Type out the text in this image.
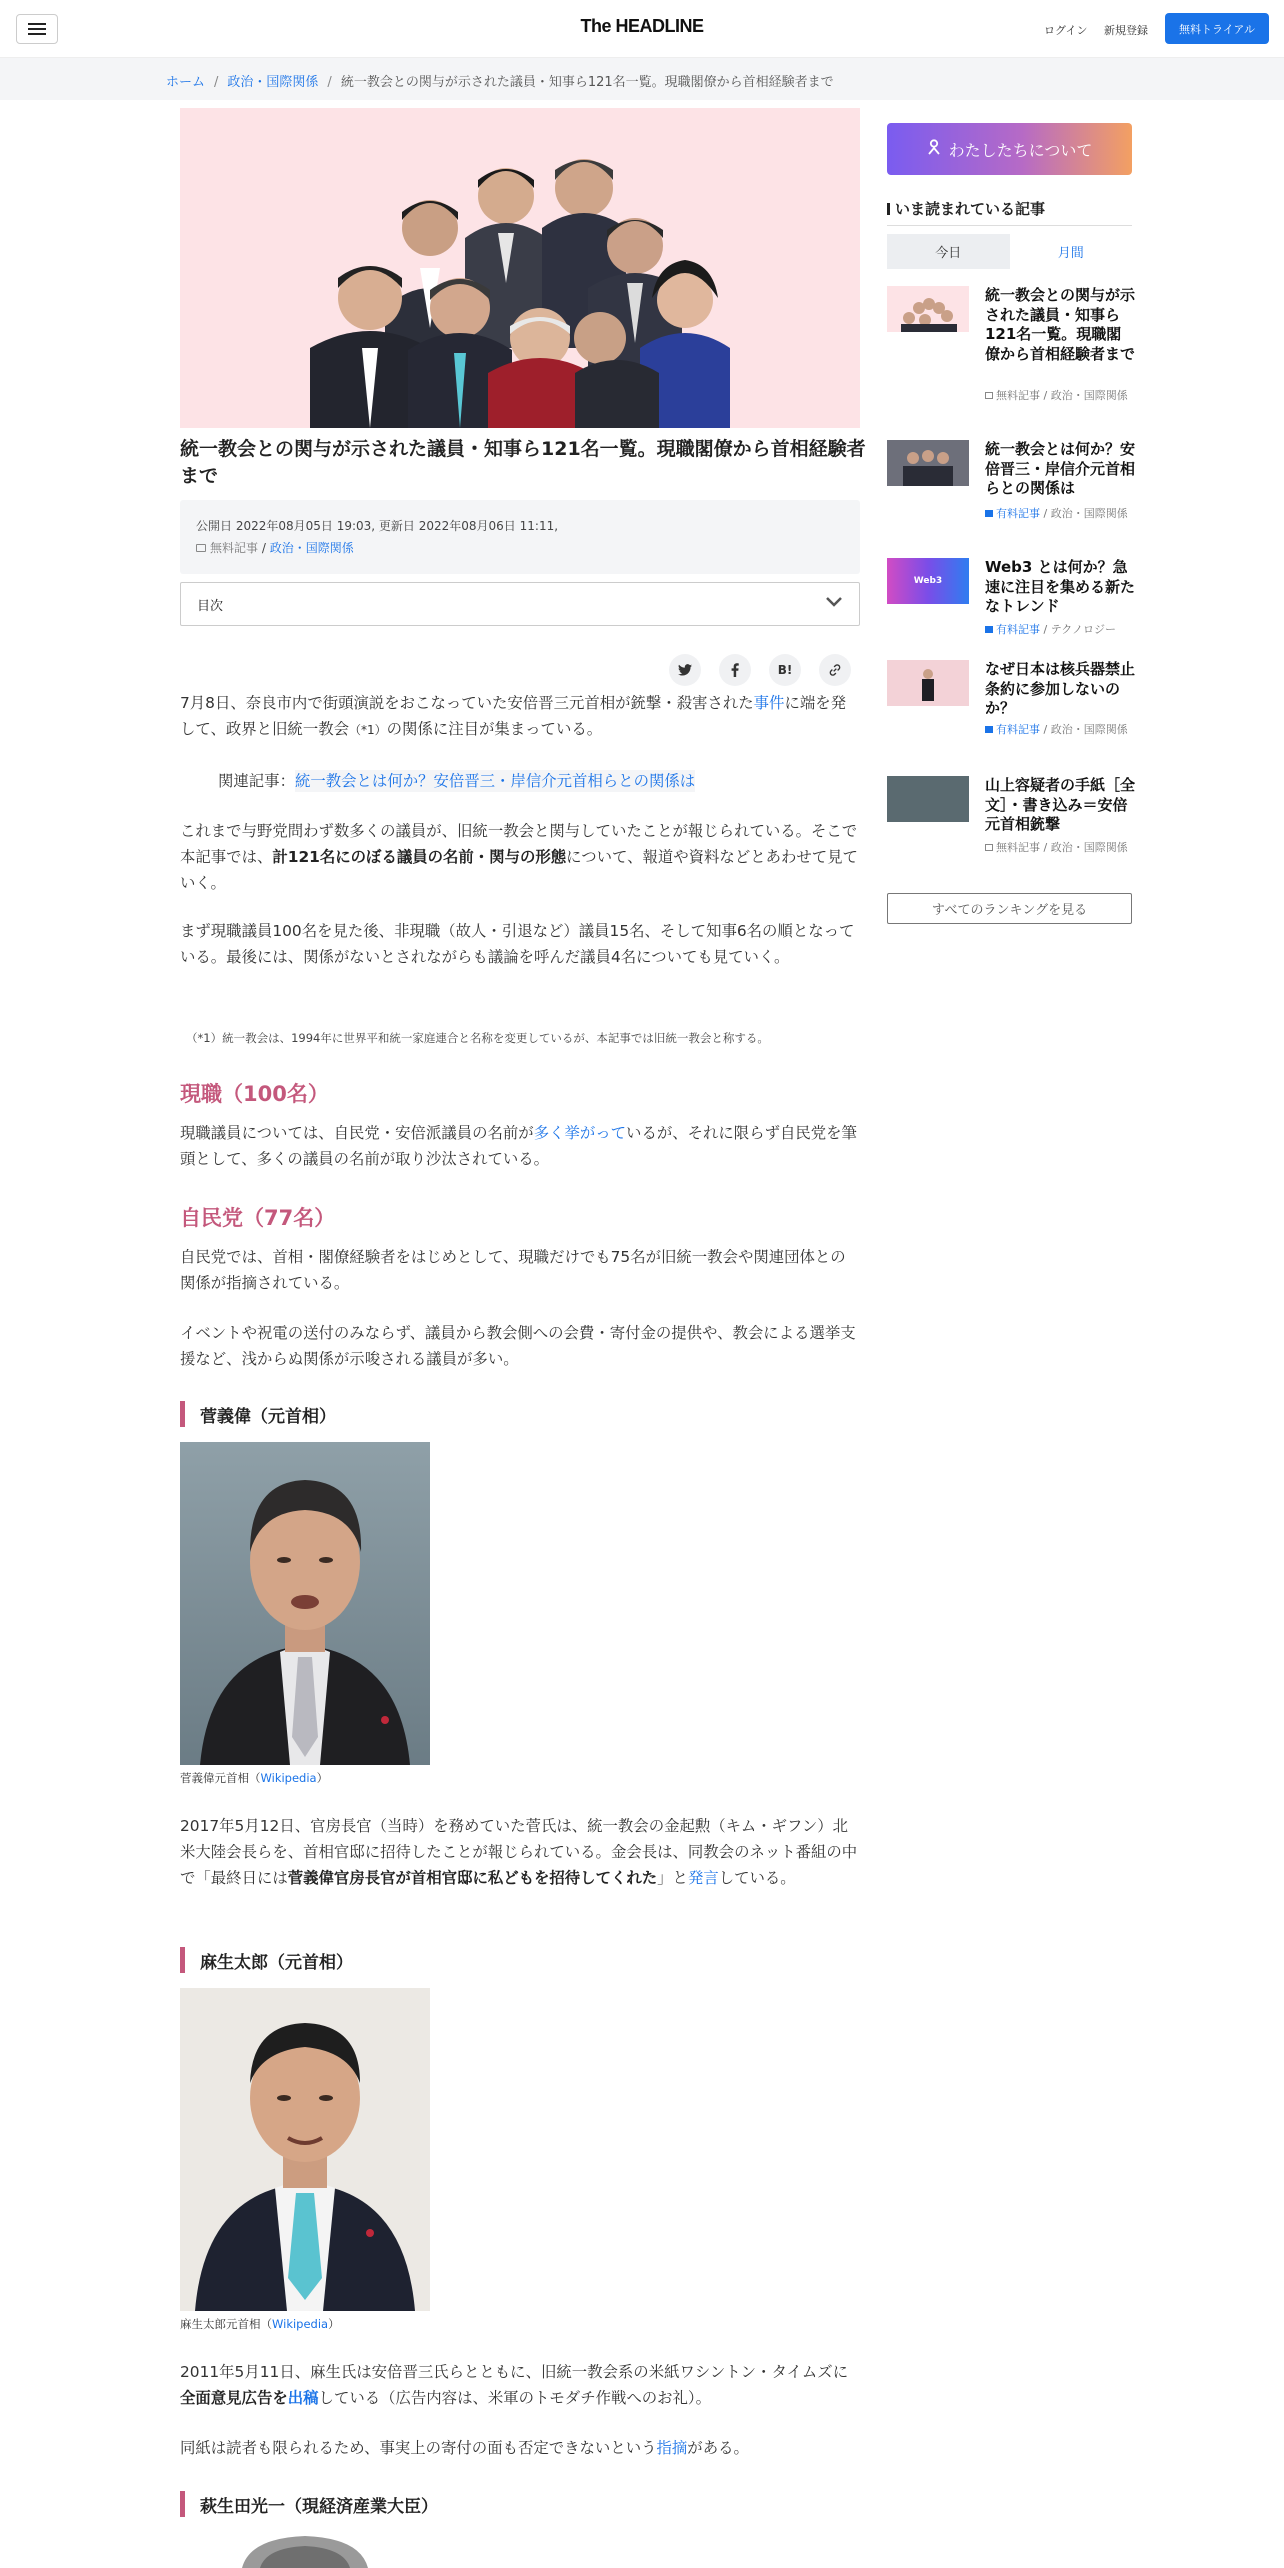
The HEADLINE	ログイン 新規登録	無料トライアル
ホーム / 政治・国際関係 / 統一教会との関与が示された議員・知事ら121名一覧。現職閣僚から首相経験者まで
統一教会との関与が示された議員・知事ら121名一覧。現職閣僚から首相経験者まで
公開日 2022年08月05日 19:03, 更新日 2022年08月06日 11:11,
無料記事 / 政治・国際関係
目次
B!

7月8日、奈良市内で街頭演説をおこなっていた安倍晋三元首相が銃撃・殺害された事件に端を発して、政界と旧統一教会（*1）の関係に注目が集まっている。

関連記事：統一教会とは何か？安倍晋三・岸信介元首相らとの関係は

これまで与野党問わず数多くの議員が、旧統一教会と関与していたことが報じられている。そこで本記事では、計121名にのぼる議員の名前・関与の形態について、報道や資料などとあわせて見ていく。

まず現職議員100名を見た後、非現職（故人・引退など）議員15名、そして知事6名の順となっている。最後には、関係がないとされながらも議論を呼んだ議員4名についても見ていく。

（*1）統一教会は、1994年に世界平和統一家庭連合と名称を変更しているが、本記事では旧統一教会と称する。
現職（100名）

現職議員については、自民党・安倍派議員の名前が多く挙がっているが、それに限らず自民党を筆頭として、多くの議員の名前が取り沙汰されている。

自民党（77名）

自民党では、首相・閣僚経験者をはじめとして、現職だけでも75名が旧統一教会や関連団体との関係が指摘されている。

イベントや祝電の送付のみならず、議員から教会側への会費・寄付金の提供や、教会による選挙支援など、浅からぬ関係が示唆される議員が多い。

菅義偉（元首相）
菅義偉元首相（Wikipedia）

2017年5月12日、官房長官（当時）を務めていた菅氏は、統一教会の金起勲（キム・ギフン）北米大陸会長らを、首相官邸に招待したことが報じられている。金会長は、同教会のネット番組の中で「最終日には菅義偉官房長官が首相官邸に私どもを招待してくれた」と発言している。

麻生太郎（元首相）
麻生太郎元首相（Wikipedia）

2011年5月11日、麻生氏は安倍晋三氏らとともに、旧統一教会系の米紙ワシントン・タイムズに全面意見広告を出稿している（広告内容は、米軍のトモダチ作戦へのお礼）。

同紙は読者も限られるため、事実上の寄付の面も否定できないという指摘がある。

萩生田光一（現経済産業大臣）
わたしたちについて
いま読まれている記事
今日	月間
統一教会との関与が示された議員・知事ら121名一覧。現職閣僚から首相経験者まで
無料記事 / 政治・国際関係
統一教会とは何か？安倍晋三・岸信介元首相らとの関係は
有料記事 / 政治・国際関係
Web3
Web3 とは何か？急速に注目を集める新たなトレンド
有料記事 / テクノロジー
なぜ日本は核兵器禁止条約に参加しないのか？
有料記事 / 政治・国際関係
山上容疑者の手紙［全文］・書き込み＝安倍元首相銃撃
無料記事 / 政治・国際関係
すべてのランキングを見る
